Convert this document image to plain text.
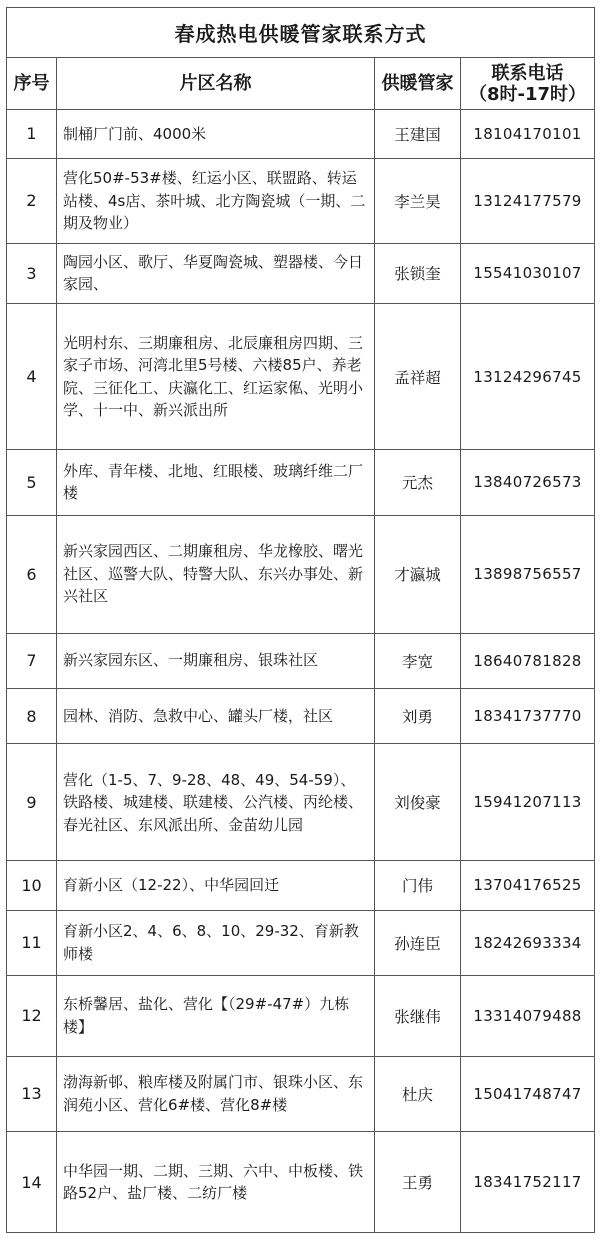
春成热电供暖管家联系方式			
序号	片区名称	供暖管家	联系电话
（8时-17时）

1	制桶厂门前、4000米	王建国	18104170101
2	营化50#-53#楼、红运小区、联盟路、转运站楼、4s店、茶叶城、北方陶瓷城（一期、二期及物业）	李兰昊	13124177579
3	陶园小区、歌厅、华夏陶瓷城、塑器楼、今日家园、	张锁奎	15541030107
4	光明村东、三期廉租房、北辰廉租房四期、三家子市场、河湾北里5号楼、六楼85户、养老院、三征化工、庆瀛化工、红运家俬、光明小学、十一中、新兴派出所	孟祥超	13124296745
5	外库、青年楼、北地、红眼楼、玻璃纤维二厂楼	元杰	13840726573
6	新兴家园西区、二期廉租房、华龙橡胶、曙光社区、巡警大队、特警大队、东兴办事处、新兴社区	才瀛城	13898756557
7	新兴家园东区、一期廉租房、银珠社区	李宽	18640781828
8	园林、消防、急救中心、罐头厂楼，社区	刘勇	18341737770
9	营化（1-5、7、9-28、48、49、54-59）、铁路楼、城建楼、联建楼、公汽楼、丙纶楼、春光社区、东风派出所、金苗幼儿园	刘俊豪	15941207113
10	育新小区（12-22）、中华园回迁	门伟	13704176525
11	育新小区2、4、6、8、10、29-32、育新教师楼	孙连臣	18242693334
12	东桥馨居、盐化、营化【（29#-47#）九栋楼】	张继伟	13314079488
13	渤海新邨、粮库楼及附属门市、银珠小区、东润苑小区、营化6#楼、营化8#楼	杜庆	15041748747
14	中华园一期、二期、三期、六中、中板楼、铁路52户、盐厂楼、二纺厂楼	王勇	18341752117
